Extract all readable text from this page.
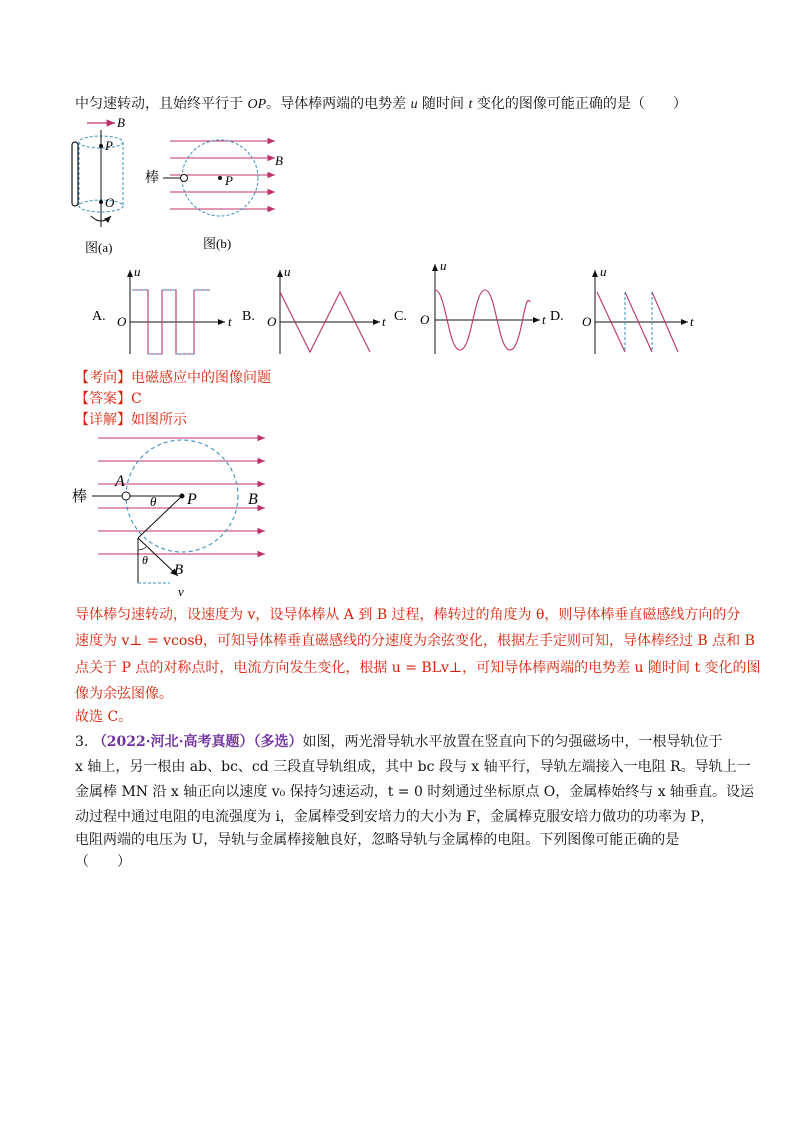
中匀速转动，且始终平行于 OP。导体棒两端的电势差 u 随时间 t 变化的图像可能正确的是（　　）
B
P
O
图(a)
棒	P
B
图(b)
A.
u
O	t B.
u
O	t C.
u
O	t D.
u
O	t
【考向】电磁感应中的图像问题
【答案】C
【详解】如图所示
A
棒	P	B
θ
θ
B
v
导体棒匀速转动，设速度为 v，设导体棒从 A 到 B 过程，棒转过的角度为 θ，则导体棒垂直磁感线方向的分
速度为 v⊥ = vcosθ，可知导体棒垂直磁感线的分速度为余弦变化，根据左手定则可知，导体棒经过 B 点和 B
点关于 P 点的对称点时，电流方向发生变化，根据 u = BLv⊥，可知导体棒两端的电势差 u 随时间 t 变化的图
像为余弦图像。
故选 C。
3. （2022·河北·高考真题）（多选）如图，两光滑导轨水平放置在竖直向下的匀强磁场中，一根导轨位于
x 轴上，另一根由 ab、bc、cd 三段直导轨组成，其中 bc 段与 x 轴平行，导轨左端接入一电阻 R。导轨上一
金属棒 MN 沿 x 轴正向以速度 v₀ 保持匀速运动，t = 0 时刻通过坐标原点 O，金属棒始终与 x 轴垂直。设运
动过程中通过电阻的电流强度为 i，金属棒受到安培力的大小为 F，金属棒克服安培力做功的功率为 P，
电阻两端的电压为 U，导轨与金属棒接触良好，忽略导轨与金属棒的电阻。下列图像可能正确的是
（　　）
